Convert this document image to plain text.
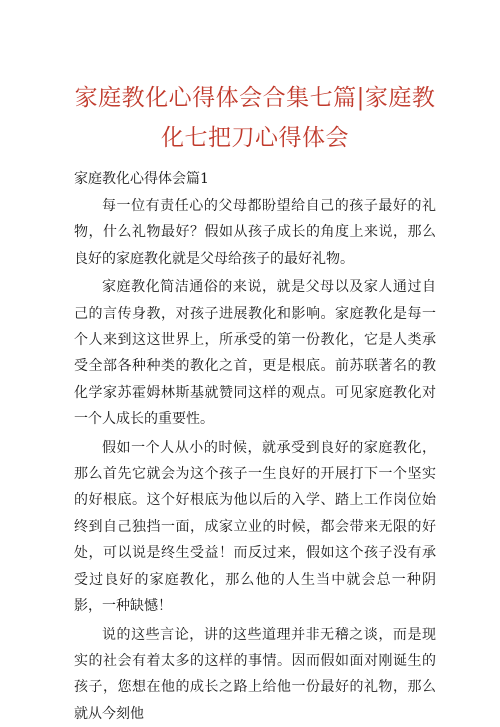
家庭教化心得体会合集七篇|家庭教化七把刀心得体会
家庭教化心得体会篇1

每一位有责任心的父母都盼望给自己的孩子最好的礼物，什么礼物最好？假如从孩子成长的角度上来说，那么良好的家庭教化就是父母给孩子的最好礼物。

家庭教化简洁通俗的来说，就是父母以及家人通过自己的言传身教，对孩子进展教化和影响。家庭教化是每一个人来到这这世界上，所承受的第一份教化，它是人类承受全部各种种类的教化之首，更是根底。前苏联著名的教化学家苏霍姆林斯基就赞同这样的观点。可见家庭教化对一个人成长的重要性。

假如一个人从小的时候，就承受到良好的家庭教化，那么首先它就会为这个孩子一生良好的开展打下一个坚实的好根底。这个好根底为他以后的入学、踏上工作岗位始终到自己独挡一面，成家立业的时候，都会带来无限的好处，可以说是终生受益！而反过来，假如这个孩子没有承受过良好的家庭教化，那么他的人生当中就会总一种阴影，一种缺憾！

说的这些言论，讲的这些道理并非无稽之谈，而是现实的社会有着太多的这样的事情。因而假如面对刚诞生的孩子，您想在他的成长之路上给他一份最好的礼物，那么就从今刻他
